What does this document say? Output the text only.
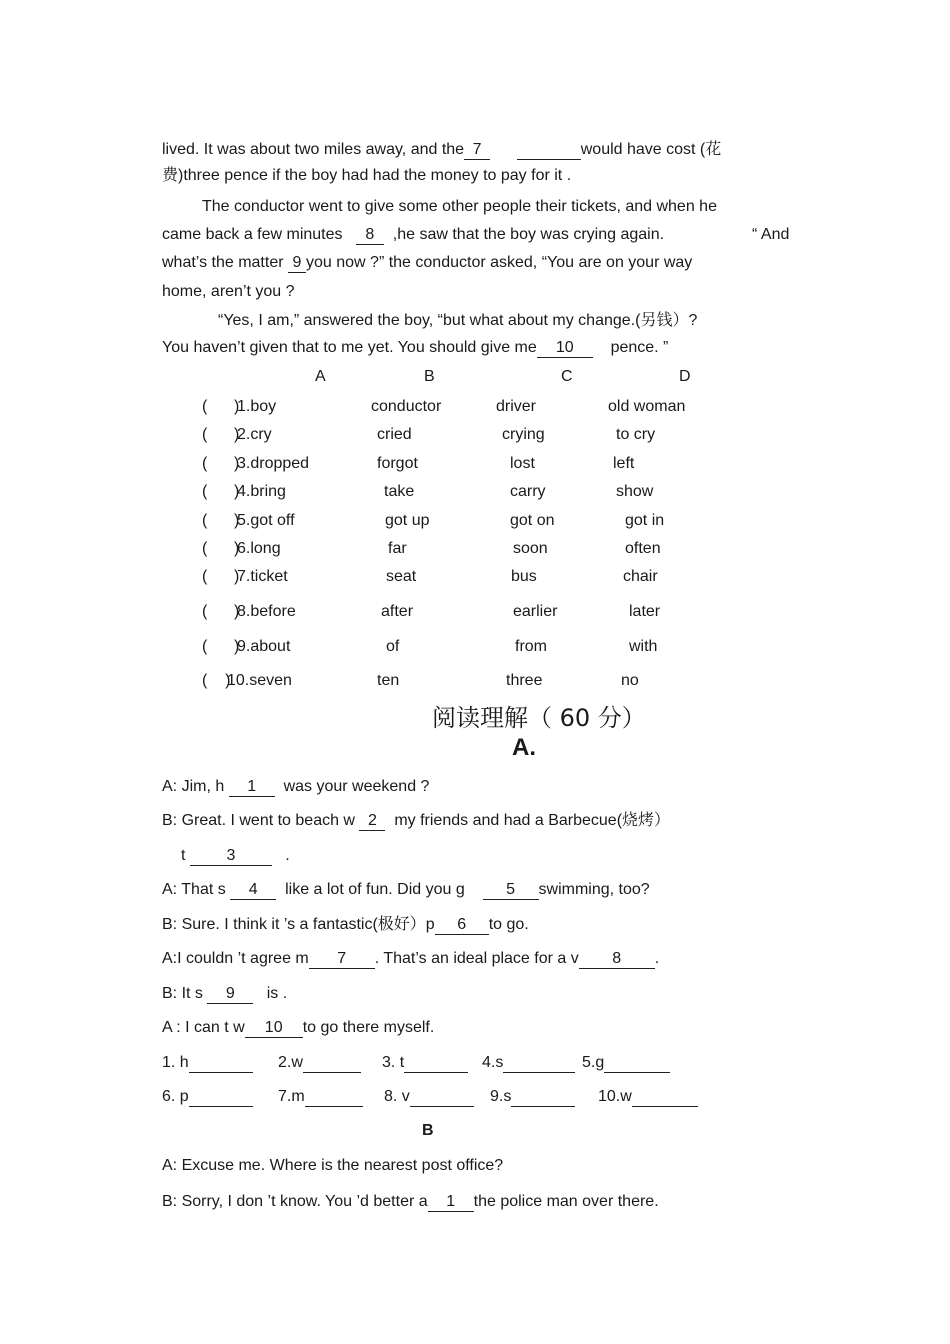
lived. It was about two miles away, and the 7	would have cost (花
费)three pence if the boy had had the money to pay for it .
The conductor went to give some other people their tickets, and when he
came back a few minutes 8 ,he saw that the boy was crying again.	“ And
what’s the matter 9 you now ?” the conductor asked, “You are on your way
home, aren’t you ?
“Yes, I am,” answered the boy, “but what about my change.(另钱）?
You haven’t given that to me yet. You should give me 10 pence. ”
A	B	C	D
(      )
1.boy	conductor	driver	old woman
(      )
2.cry	cried	crying	to cry
(      )
3.dropped	forgot	lost	left
(      )
4.bring	take	carry	show
(      )
5.got off	got up	got on	got in
(      )
6.long	far	soon	often
(      )
7.ticket	seat	bus	chair
(      )
8.before	after	earlier	later
(      )
9.about	of	from	with
(    )
10.seven	ten	three	no
阅读理解（ 60 分）
A.
A: Jim, h 1 was your weekend ?
B: Great. I went to beach w 2 my friends and had a Barbecue(烧烤）
t	3	.
A: That s 4 like a lot of fun. Did you g	5 swimming, too?
B: Sure. I think it ’s a fantastic(极好）p 6 to go.
A:I couldn ’t agree m 7 . That’s an ideal place for a v 8 .
B: It s 9 is .
A : I can t w 10 to go there myself.
1. h	2.w	3. t	4.s	5.g
6. p	7.m	8. v	9.s	10.w
B
A: Excuse me. Where is the nearest post office?
B: Sorry, I don ’t know. You ’d better a 1 the police man over there.
